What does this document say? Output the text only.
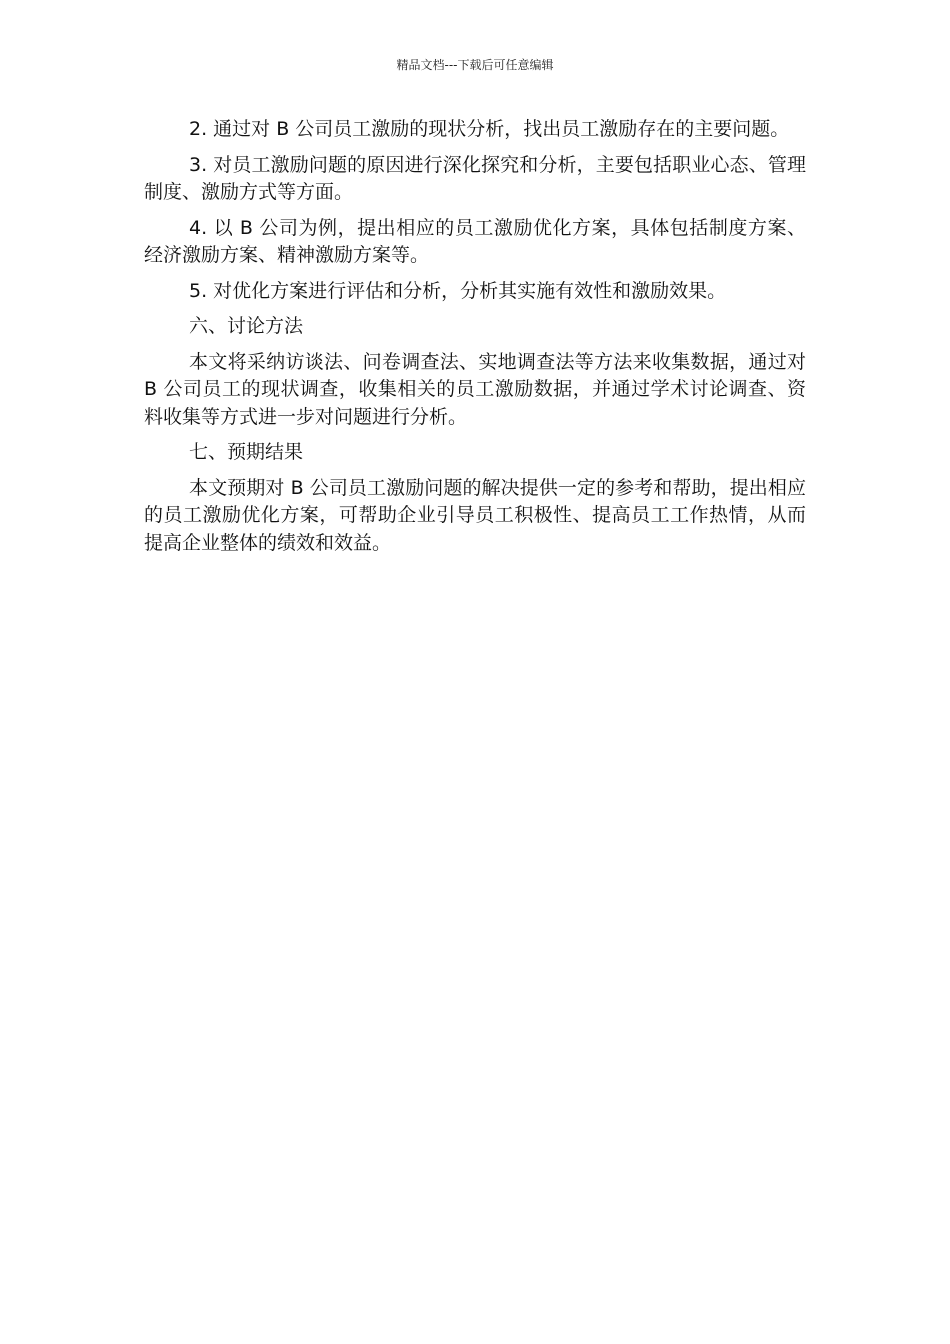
精品文档---下载后可任意编辑

2. 通过对 B 公司员工激励的现状分析，找出员工激励存在的主要问题。

3. 对员工激励问题的原因进行深化探究和分析，主要包括职业心态、管理制度、激励方式等方面。

4. 以 B 公司为例，提出相应的员工激励优化方案，具体包括制度方案、经济激励方案、精神激励方案等。

5. 对优化方案进行评估和分析，分析其实施有效性和激励效果。

六、讨论方法

本文将采纳访谈法、问卷调查法、实地调查法等方法来收集数据，通过对 B 公司员工的现状调查，收集相关的员工激励数据，并通过学术讨论调查、资料收集等方式进一步对问题进行分析。

七、预期结果

本文预期对 B 公司员工激励问题的解决提供一定的参考和帮助，提出相应的员工激励优化方案，可帮助企业引导员工积极性、提高员工工作热情，从而提高企业整体的绩效和效益。
